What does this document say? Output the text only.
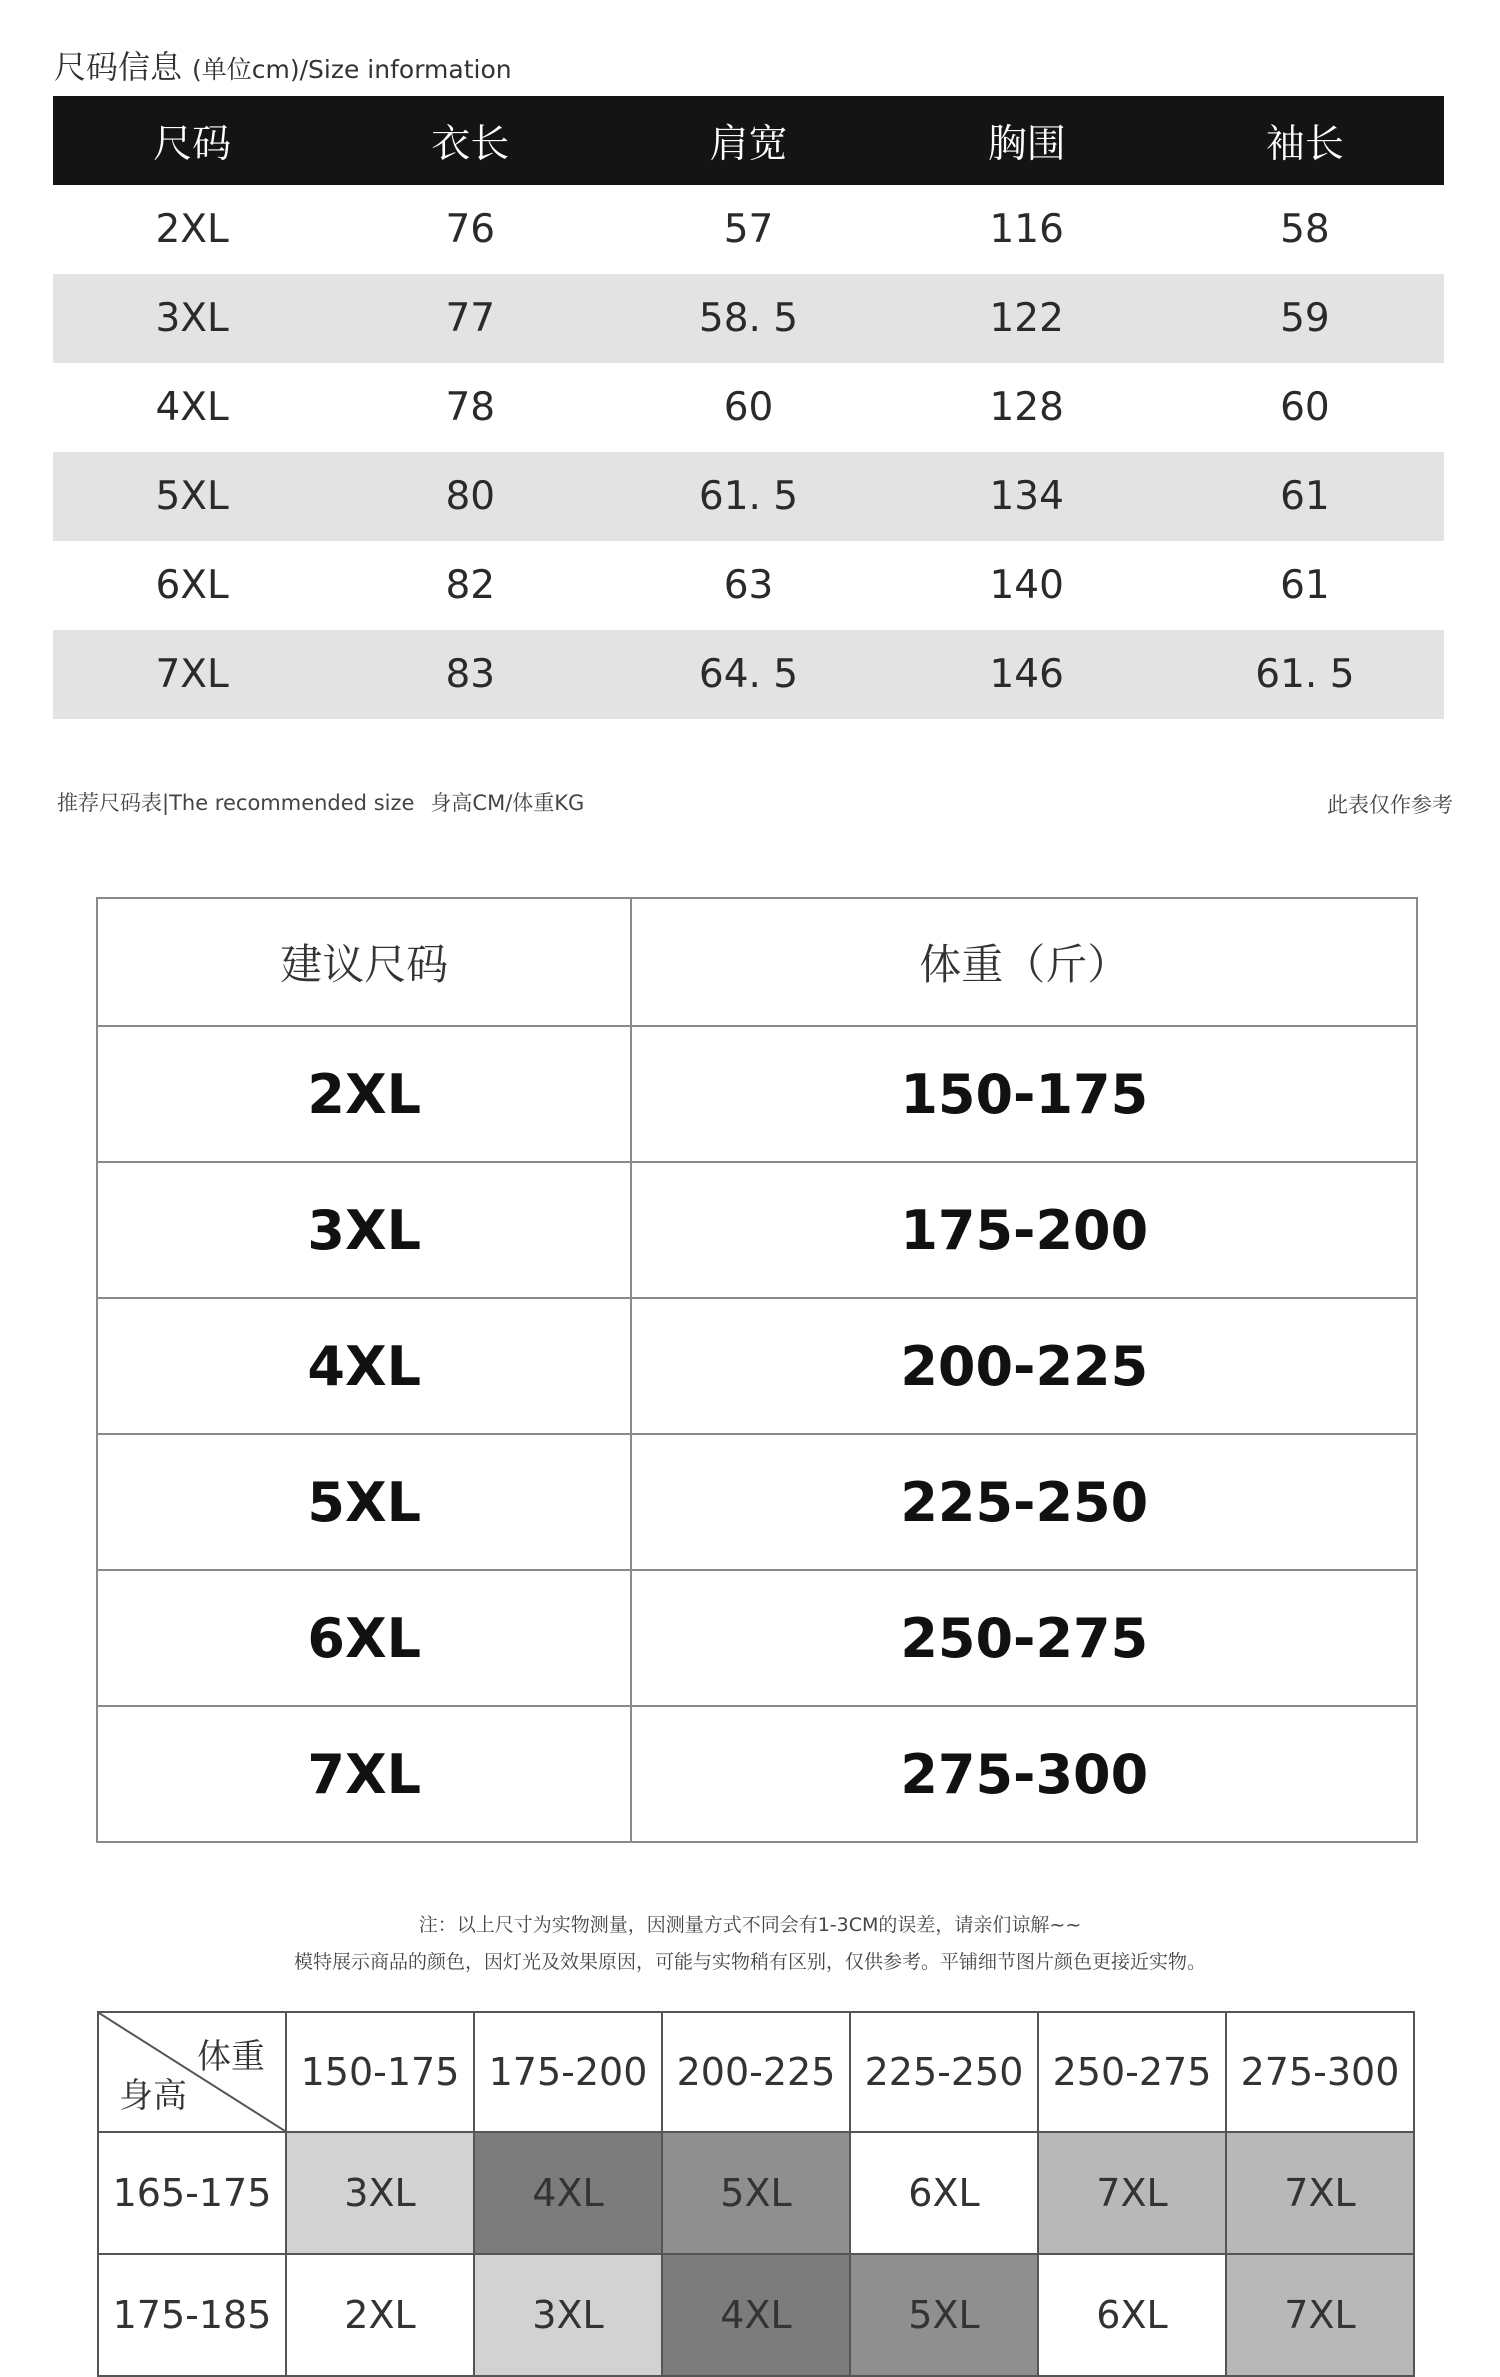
尺码信息 (单位cm)/Size information
尺码	衣长	肩宽	胸围	袖长
2XL	76	57	116	58
3XL	77	58. 5	122	59
4XL	78	60	128	60
5XL	80	61. 5	134	61
6XL	82	63	140	61
7XL	83	64. 5	146	61. 5
推荐尺码表|The recommended size 身高CM/体重KG	此表仅作参考
建议尺码	体重（斤）
2XL	150-175
3XL	175-200
4XL	200-225
5XL	225-250
6XL	250-275
7XL	275-300
注：以上尺寸为实物测量，因测量方式不同会有1-3CM的误差，请亲们谅解~~
模特展示商品的颜色，因灯光及效果原因，可能与实物稍有区别，仅供参考。平铺细节图片颜色更接近实物。
体重
身高	150-175	175-200	200-225	225-250	250-275	275-300
165-175	3XL	4XL	5XL	6XL	7XL	7XL
175-185	2XL	3XL	4XL	5XL	6XL	7XL
